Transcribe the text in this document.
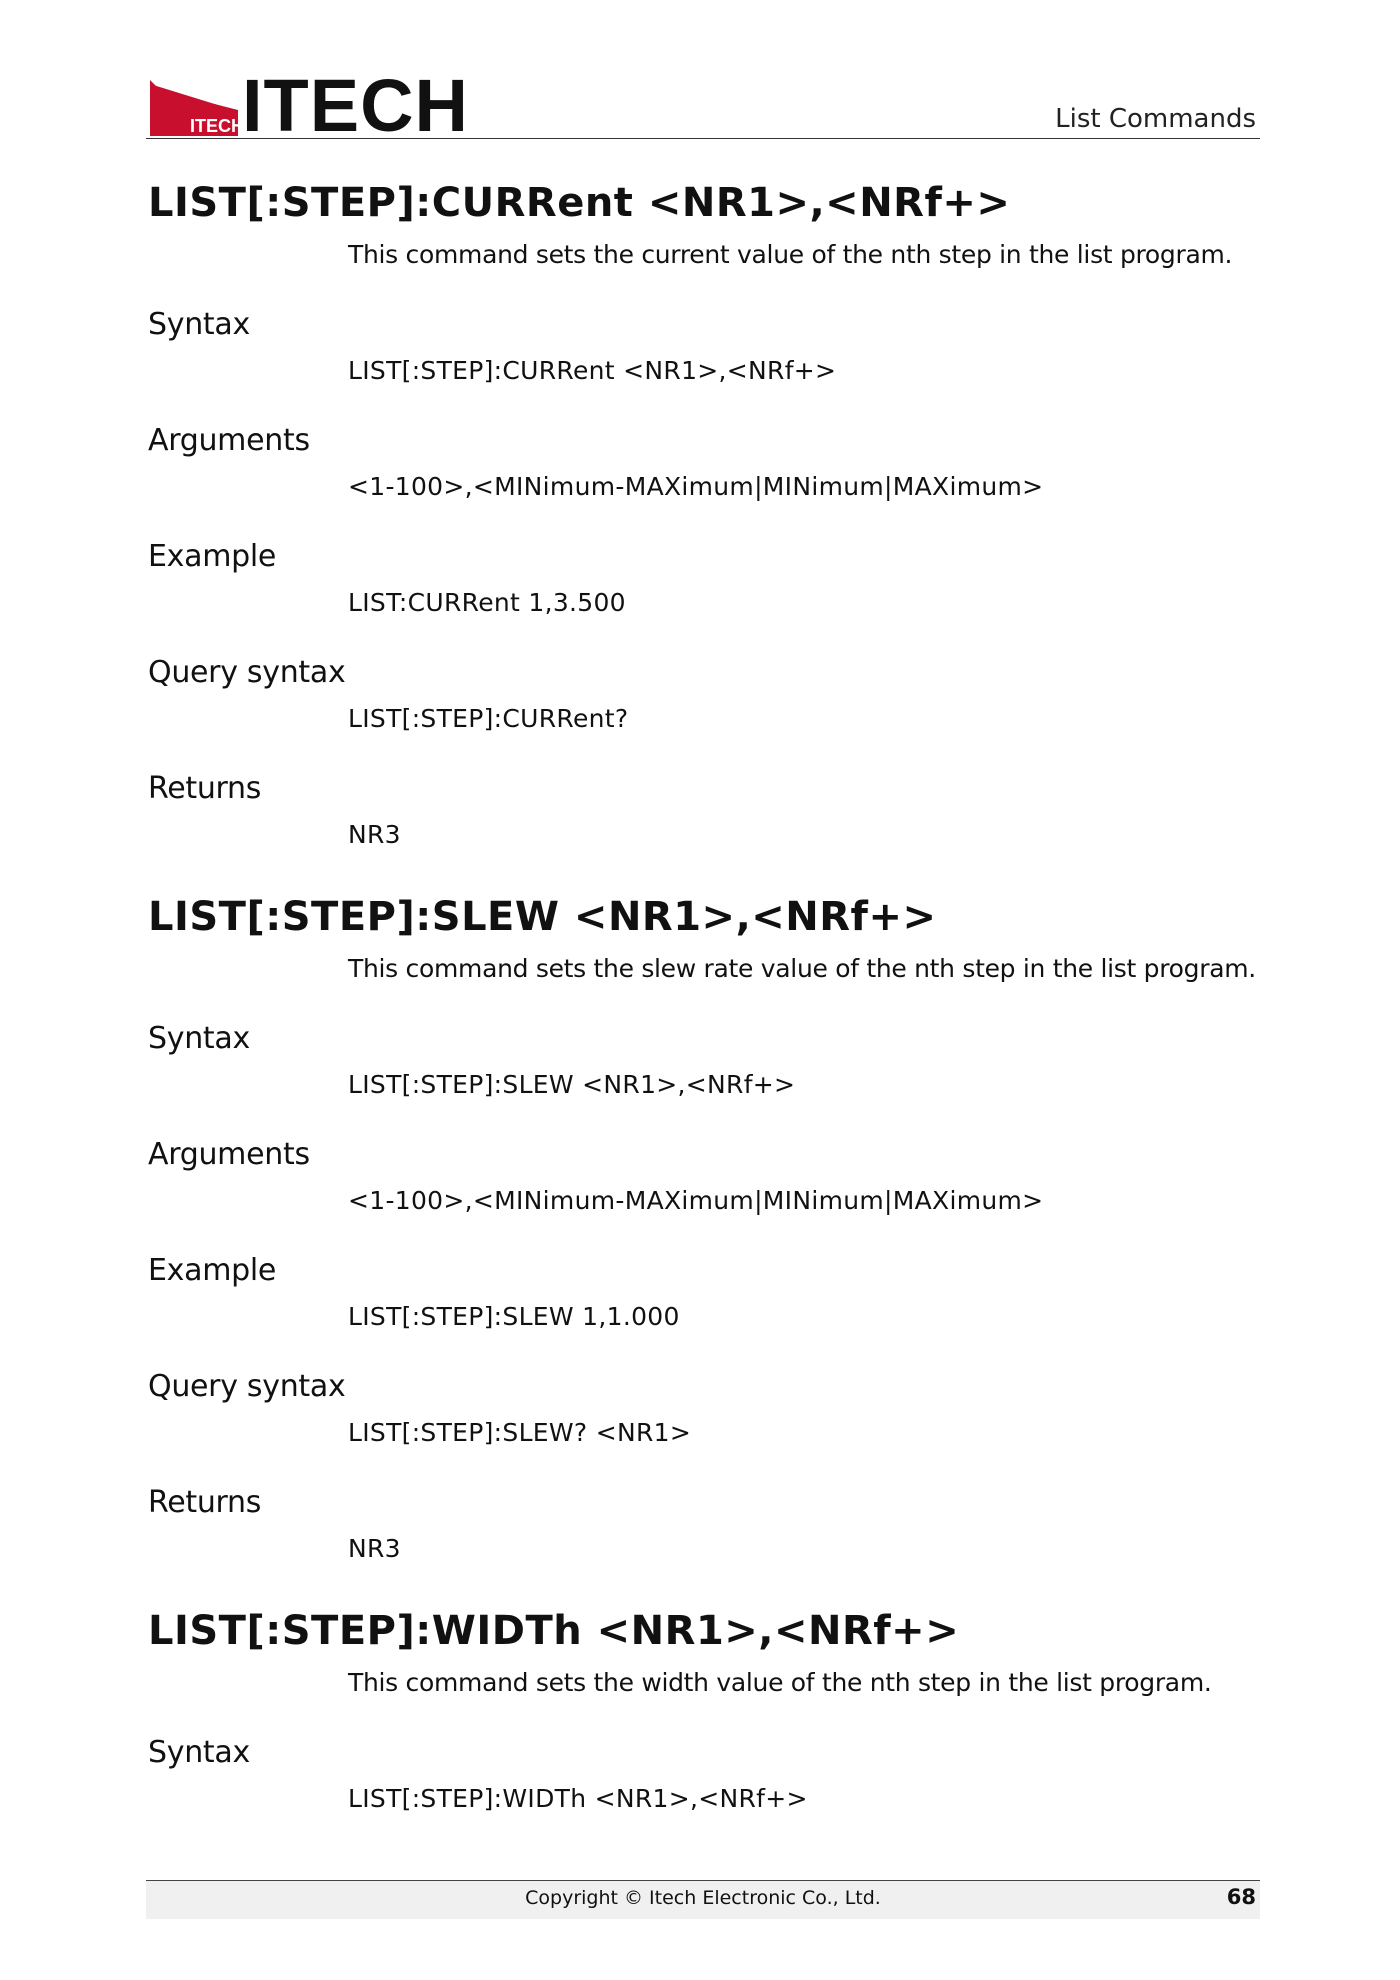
ITECH
ITECH	List Commands
LIST[:STEP]:CURRent <NR1>,<NRf+>
This command sets the current value of the nth step in the list program.
Syntax
LIST[:STEP]:CURRent <NR1>,<NRf+>
Arguments
<1-100>,<MINimum-MAXimum|MINimum|MAXimum>
Example
LIST:CURRent 1,3.500
Query syntax
LIST[:STEP]:CURRent?
Returns
NR3
LIST[:STEP]:SLEW <NR1>,<NRf+>
This command sets the slew rate value of the nth step in the list program.
Syntax
LIST[:STEP]:SLEW <NR1>,<NRf+>
Arguments
<1-100>,<MINimum-MAXimum|MINimum|MAXimum>
Example
LIST[:STEP]:SLEW 1,1.000
Query syntax
LIST[:STEP]:SLEW? <NR1>
Returns
NR3
LIST[:STEP]:WIDTh <NR1>,<NRf+>
This command sets the width value of the nth step in the list program.
Syntax
LIST[:STEP]:WIDTh <NR1>,<NRf+>
Copyright © Itech Electronic Co., Ltd.	68
